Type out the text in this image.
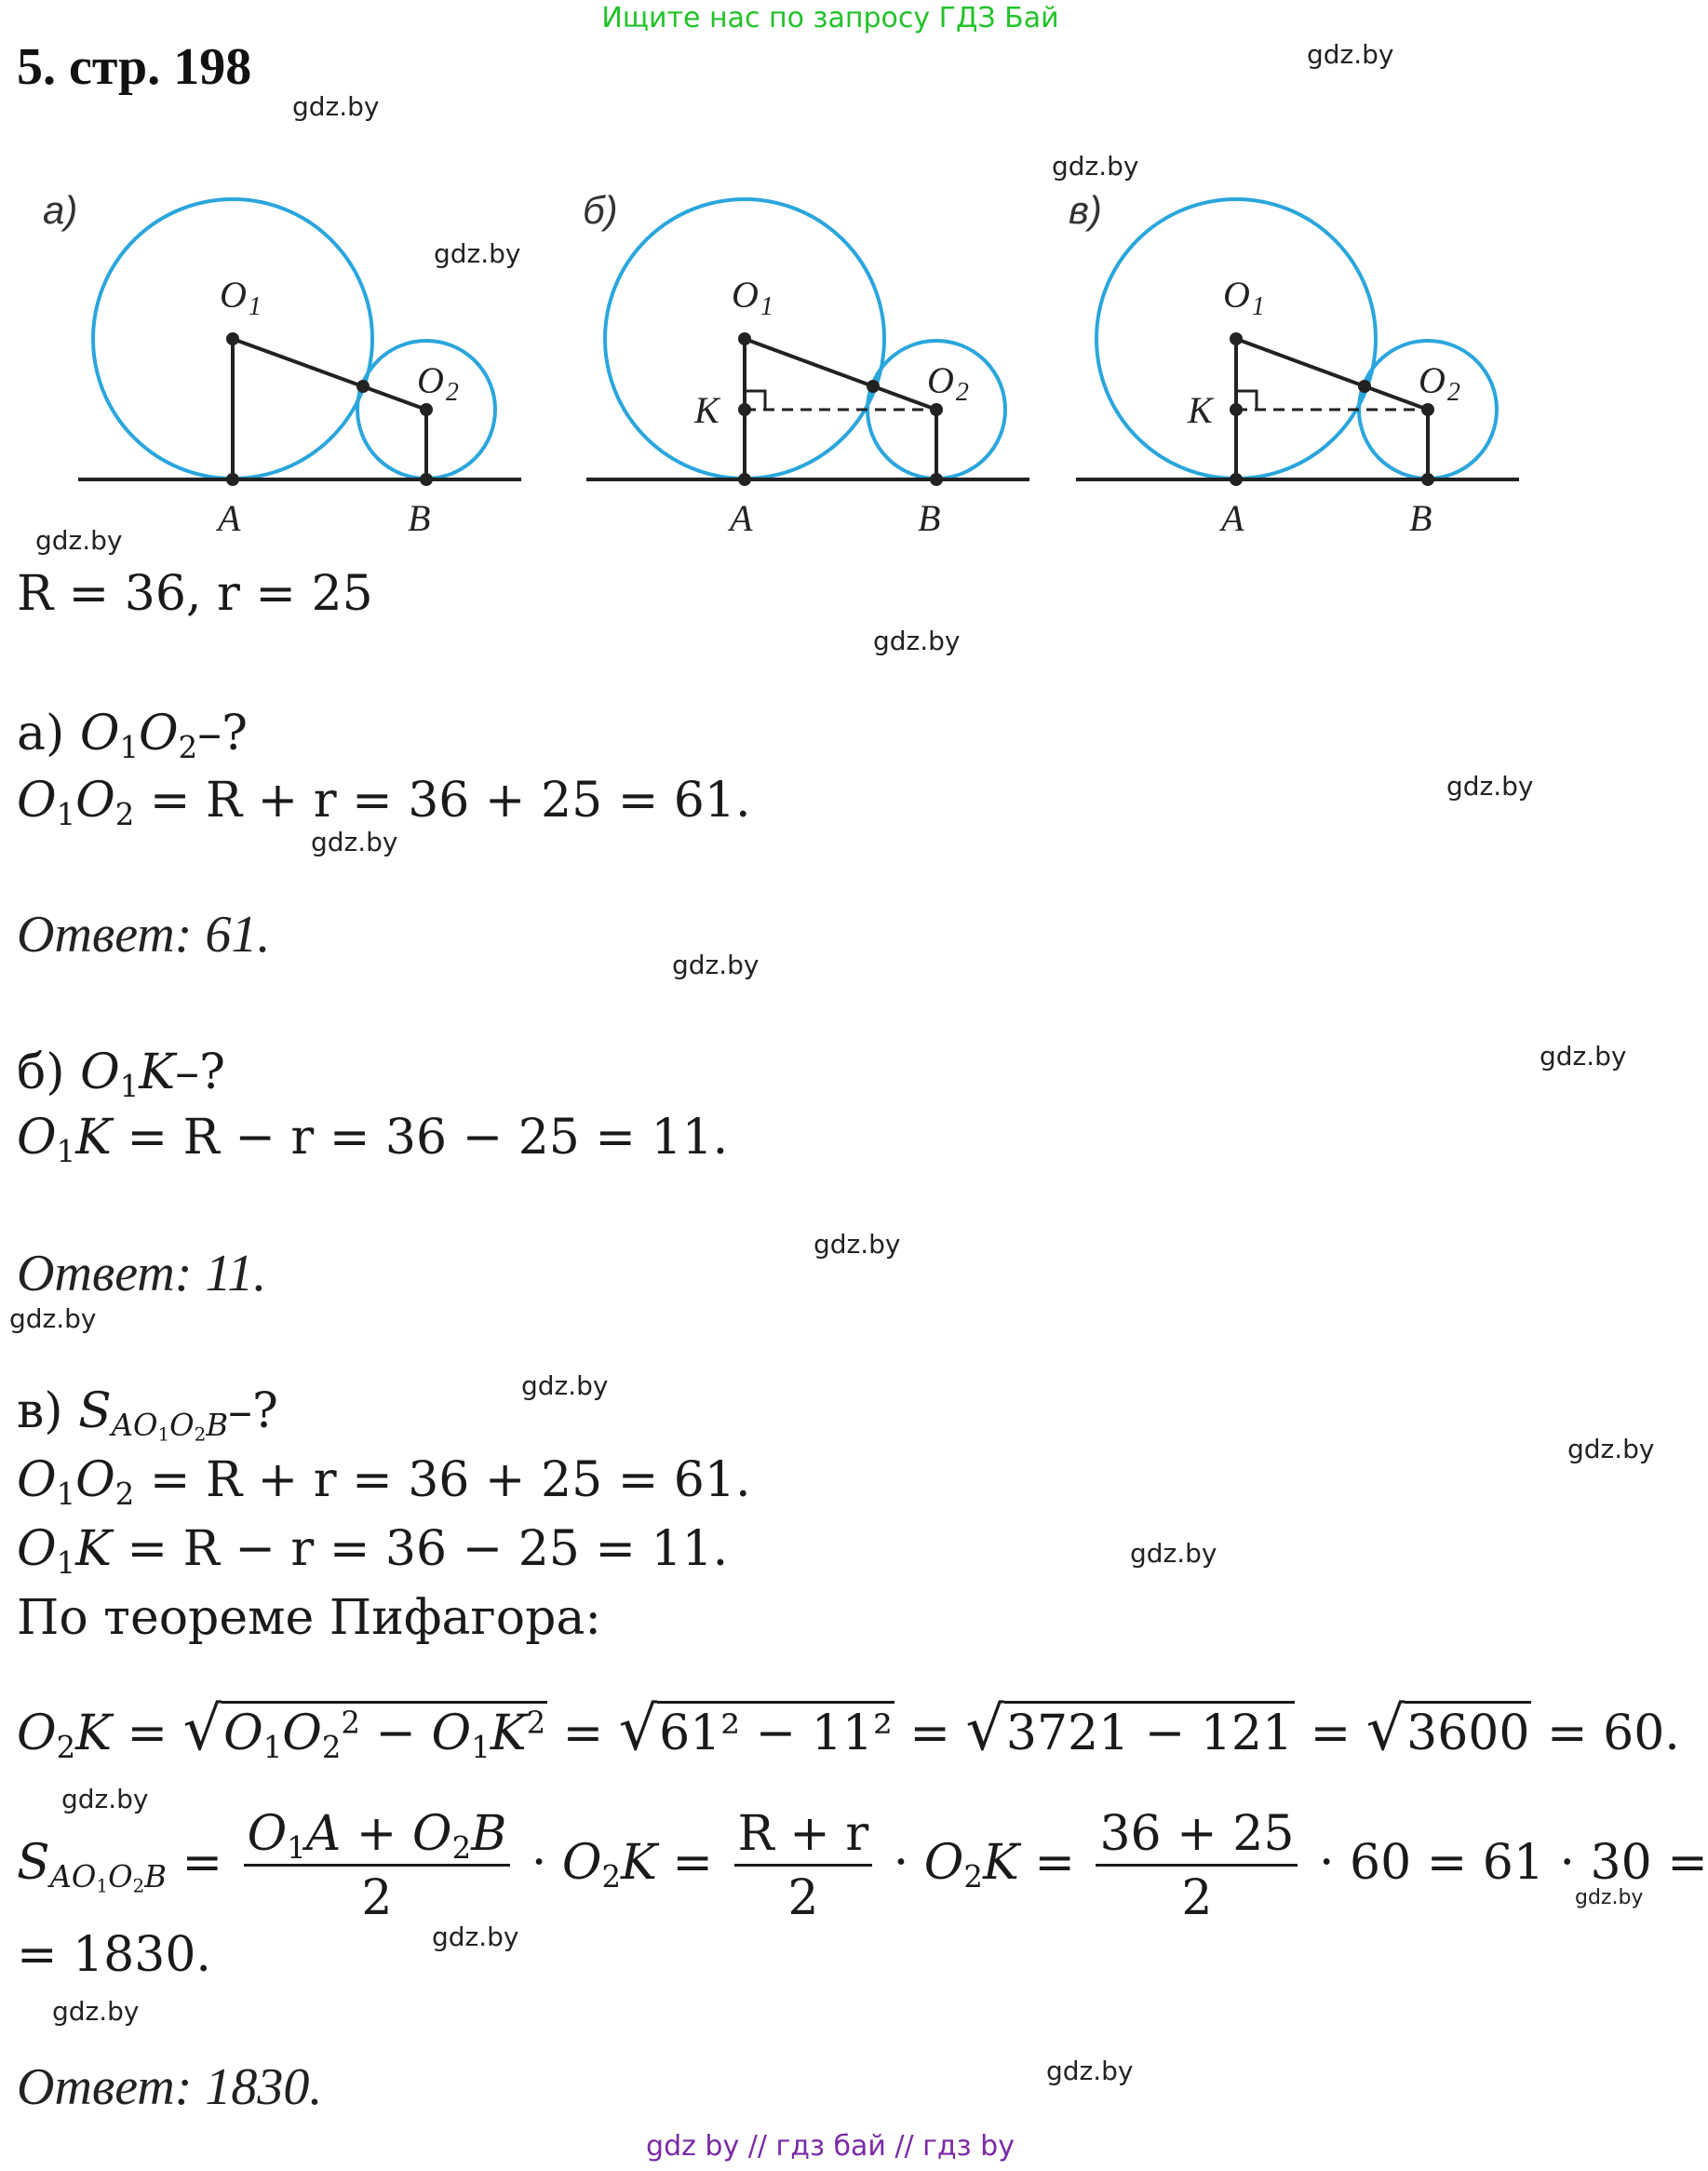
Ищите нас по запросу ГДЗ Бай
5. стр. 198	gdz.by
gdz.by
gdz.by
gdz.by
gdz.by
gdz.by
gdz.by
gdz.by
gdz.by
gdz.by
gdz.by
gdz.by
gdz.by
gdz.by
gdz.by
gdz.by
gdz.by
gdz.by
gdz.by
gdz.by
а)
$O_1$
$O_2$
A	B
б)
$O_1$
$O_2$
K
A	B
в)
$O_1$
$O_2$
K
A	B
R = 36, r = 25
а) $O_1O_2-$?
$O_1O_2 = R + r = 36 + 25 = 61$.
Ответ: 61.
б) $O_1K-$?
$O_1K = R - r = 36 - 25 = 11$.
Ответ: 11.
в) $S_{AO_1O_2B}-$?
$O_1O_2 = R + r = 36 + 25 = 61$.
$O_1K = R - r = 36 - 25 = 11$.
По теореме Пифагора:
$O_2K = √O_1O_2^2 - O_1K^2 = √61^2 - 11^2 = √3721 - 121 = √3600 = 60$.
$S_{AO_1O_2B} = \frac{O_1A + O_2B}{2} \cdot O_2K = \frac{R + r}{2} \cdot O_2K = \frac{36 + 25}{2} \cdot 60 = 61 \cdot 30$ =
= 1830.
Ответ: 1830.
gdz by // гдз бай // гдз by
